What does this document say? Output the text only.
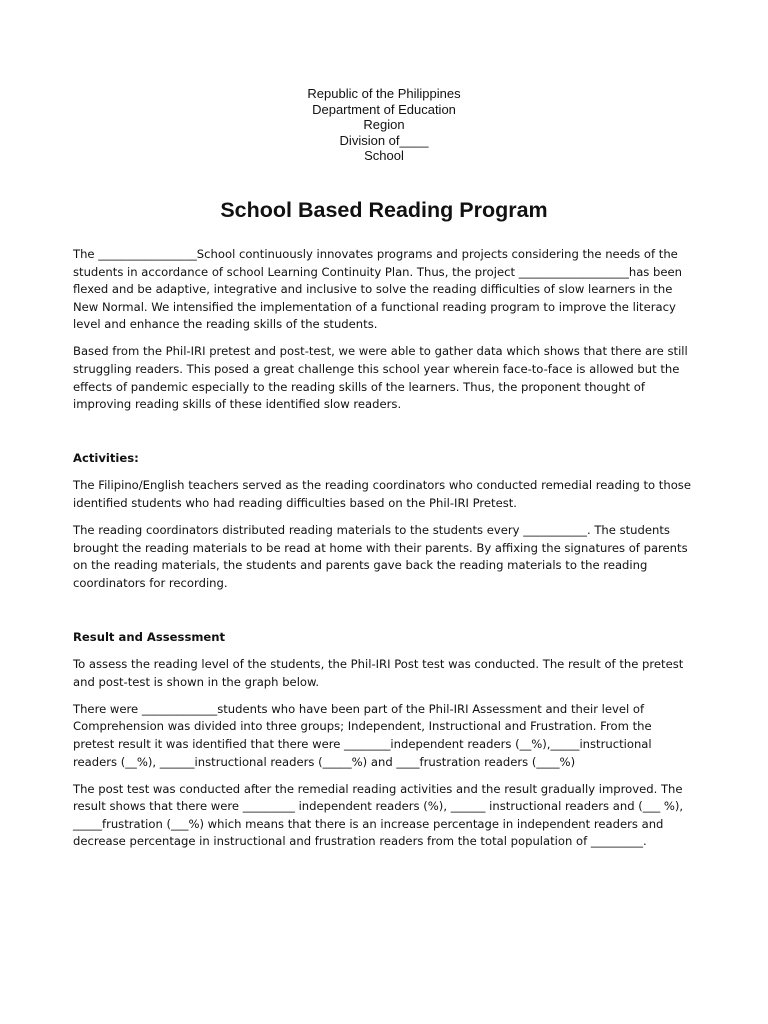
Republic of the Philippines
Department of Education
Region
Division of____
School
School Based Reading Program

The _________________School continuously innovates programs and projects considering the needs of the students in accordance of school Learning Continuity Plan. Thus, the project ___________________has been flexed and be adaptive, integrative and inclusive to solve the reading difficulties of slow learners in the New Normal. We intensified the implementation of a functional reading program to improve the literacy level and enhance the reading skills of the students.

Based from the Phil-IRI pretest and post-test, we were able to gather data which shows that there are still struggling readers. This posed a great challenge this school year wherein face-to-face is allowed but the effects of pandemic especially to the reading skills of the learners. Thus, the proponent thought of improving reading skills of these identified slow readers.

Activities:

The Filipino/English teachers served as the reading coordinators who conducted remedial reading to those identified students who had reading difficulties based on the Phil-IRI Pretest.

The reading coordinators distributed reading materials to the students every ___________. The students brought the reading materials to be read at home with their parents. By affixing the signatures of parents on the reading materials, the students and parents gave back the reading materials to the reading coordinators for recording.

Result and Assessment

To assess the reading level of the students, the Phil-IRI Post test was conducted. The result of the pretest and post-test is shown in the graph below.

There were _____________students who have been part of the Phil-IRI Assessment and their level of Comprehension was divided into three groups; Independent, Instructional and Frustration. From the pretest result it was identified that there were ________independent readers (__%),_____instructional readers (__%), ______instructional readers (_____%) and ____frustration readers (____%)

The post test was conducted after the remedial reading activities and the result gradually improved. The result shows that there were _________ independent readers (%), ______ instructional readers and (___ %), _____frustration (___%) which means that there is an increase percentage in independent readers and decrease percentage in instructional and frustration readers from the total population of _________.
